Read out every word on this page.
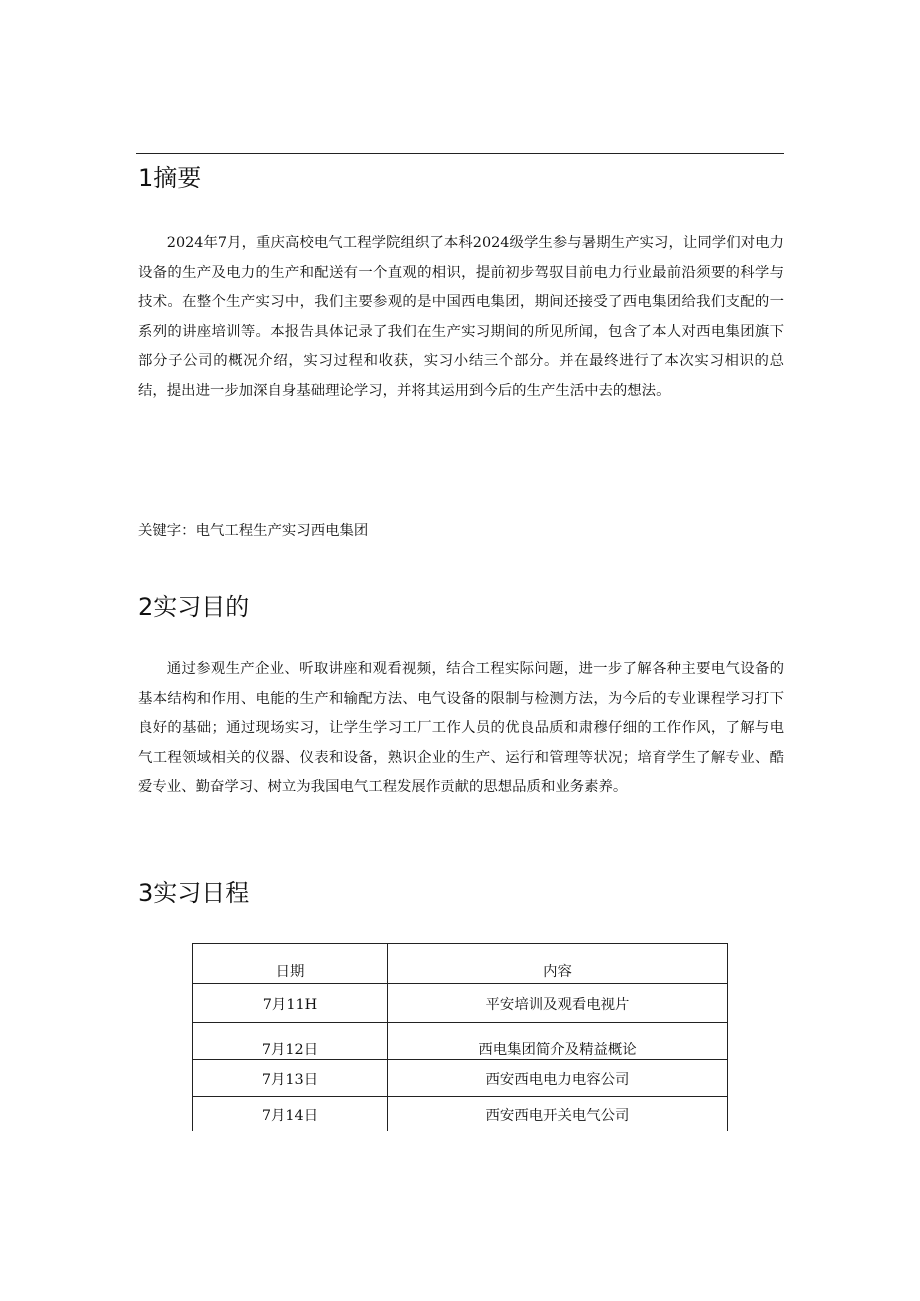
1摘要

2024年7月，重庆高校电气工程学院组织了本科2024级学生参与暑期生产实习，让同学们对电力设备的生产及电力的生产和配送有一个直观的相识，提前初步驾驭目前电力行业最前沿须要的科学与技术。在整个生产实习中，我们主要参观的是中国西电集团，期间还接受了西电集团给我们支配的一系列的讲座培训等。本报告具体记录了我们在生产实习期间的所见所闻，包含了本人对西电集团旗下部分子公司的概况介绍，实习过程和收获，实习小结三个部分。并在最终进行了本次实习相识的总结，提出进一步加深自身基础理论学习，并将其运用到今后的生产生活中去的想法。

关键字：电气工程生产实习西电集团

2实习目的

通过参观生产企业、听取讲座和观看视频，结合工程实际问题，进一步了解各种主要电气设备的基本结构和作用、电能的生产和输配方法、电气设备的限制与检测方法，为今后的专业课程学习打下良好的基础；通过现场实习，让学生学习工厂工作人员的优良品质和肃穆仔细的工作作风，了解与电气工程领域相关的仪器、仪表和设备，熟识企业的生产、运行和管理等状况；培育学生了解专业、酷爱专业、勤奋学习、树立为我国电气工程发展作贡献的思想品质和业务素养。

3实习日程
日期	内容
7月11H	平安培训及观看电视片
7月12日	西电集团简介及精益概论
7月13日	西安西电电力电容公司
7月14日	西安西电开关电气公司
